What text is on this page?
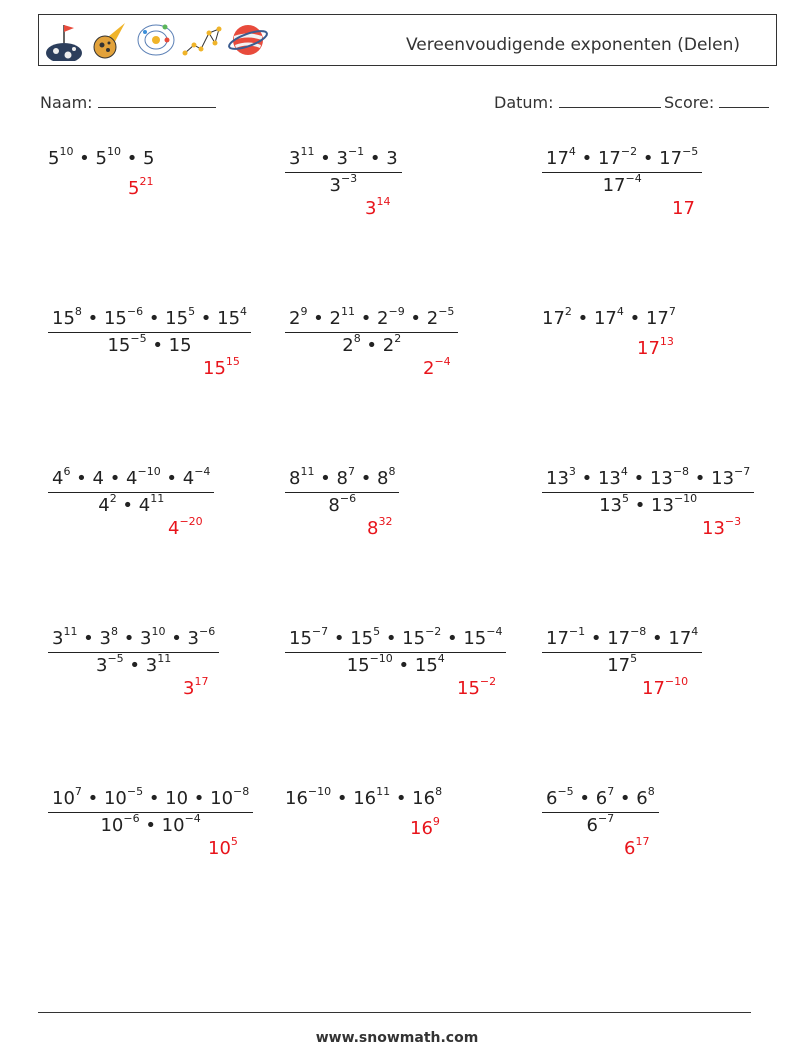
Vereenvoudigende exponenten (Delen)
Naam:	Datum:	Score:
$5^{10}$ • $5^{10}$ • 5
$5^{21}$	$\frac{3^{11} • 3^{-1} • 3}{3^{-3}}$
$3^{14}$
$\frac{17^4 • 17^{-2} • 17^{-5}}{17^{-4}}$
17
$\frac{15^8 • 15^{-6} • 15^5 • 15^4}{15^{-5} • 15}$
$15^{15}$
$\frac{2^9 • 2^{11} • 2^{-9} • 2^{-5}}{2^8 • 2^2}$
$2^{-4}$
$17^2$ • $17^4$ • $17^7$
$17^{13}$
$\frac{4^6 • 4 • 4^{-10} • 4^{-4}}{4^2 • 4^{11}}$
$4^{-20}$
$\frac{8^{11} • 8^7 • 8^8}{8^{-6}}$
$8^{32}$
$\frac{13^3 • 13^4 • 13^{-8} • 13^{-7}}{13^5 • 13^{-10}}$
$13^{-3}$
$\frac{3^{11} • 3^8 • 3^{10} • 3^{-6}}{3^{-5} • 3^{11}}$
$3^{17}$
$\frac{15^{-7} • 15^5 • 15^{-2} • 15^{-4}}{15^{-10} • 15^4}$
$15^{-2}$
$\frac{17^{-1} • 17^{-8} • 17^4}{17^5}$
$17^{-10}$
$\frac{10^7 • 10^{-5} • 10 • 10^{-8}}{10^{-6} • 10^{-4}}$
$10^5$
$16^{-10}$ • $16^{11}$ • $16^8$
$16^9$	$\frac{6^{-5} • 6^7 • 6^8}{6^{-7}}$
$6^{17}$
www.snowmath.com
